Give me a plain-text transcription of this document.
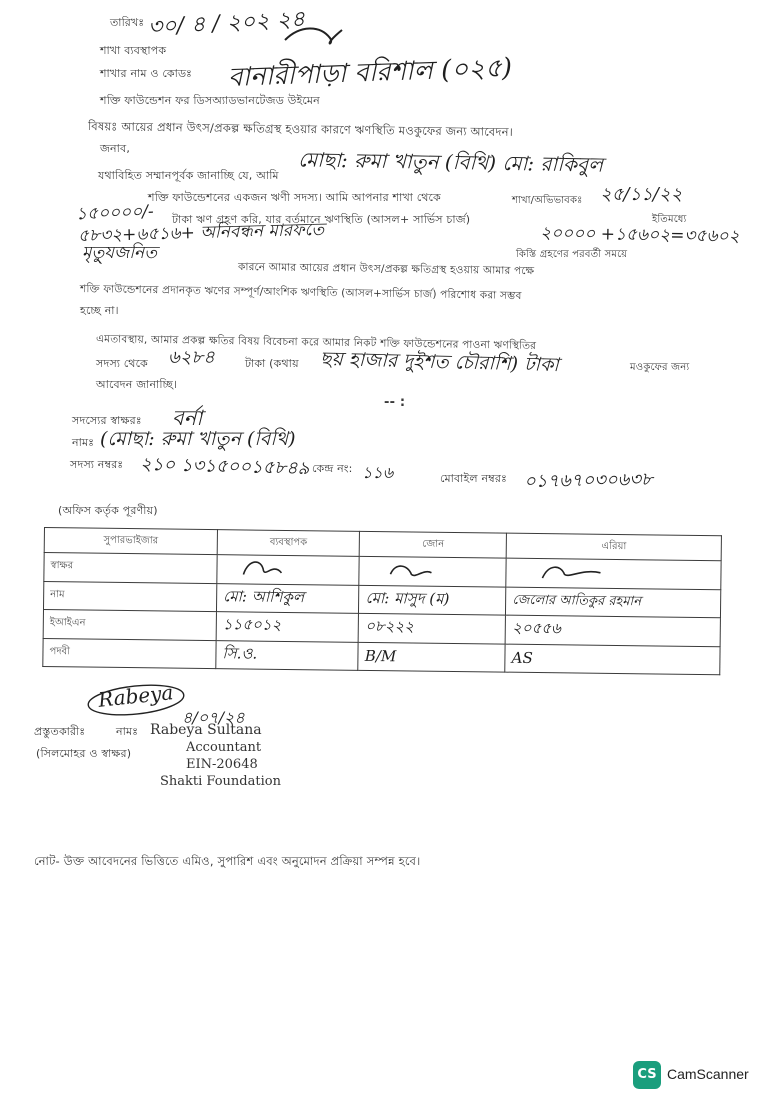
তারিখঃ ৩০/ ৪ / ২০২ ২৪
শাখা ব্যবস্থাপক
শাখার নাম ও কোডঃ বানারীপাড়া বরিশাল (০২৫)
শক্তি ফাউন্ডেশন ফর ডিসঅ্যাডভানটেজড উইমেন
বিষয়ঃ আয়ের প্রধান উৎস/প্রকল্প ক্ষতিগ্রস্থ হওয়ার কারণে ঋণস্থিতি মওকুফের জন্য আবেদন।
জনাব,
যথাবিহিত সম্মানপূর্বক জানাচ্ছি যে, আমি মোছা: রুমা খাতুন (বিথি) মো: রাকিবুল
শক্তি ফাউন্ডেশনের একজন ঋণী সদস্য। আমি আপনার শাখা থেকে	শাখা/অভিভাবকঃ ২৫/১১/২২
১৫০০০০/- টাকা ঋণ গ্রহণ করি, যার বর্তমানে ঋণস্থিতি (আসল+ সার্ভিস চার্জ)	ইতিমধ্যে
৫৮৩২+৬৫১৬+ অনিবন্ধন মারফতে	২০০০০ +১৫৬০২=৩৫৬০২
কিস্তি গ্রহণের পরবর্তী সময়ে
মৃতু্যজনিত
কারনে আমার আয়ের প্রধান উৎস/প্রকল্প ক্ষতিগ্রস্থ হওয়ায় আমার পক্ষে
শক্তি ফাউন্ডেশনের প্রদানকৃত ঋণের সম্পূর্ণ/আংশিক ঋণস্থিতি (আসল+সার্ভিস চার্জ) পরিশোধ করা সম্ভব
হচ্ছে না।
এমতাবস্থায়, আমার প্রকল্প ক্ষতির বিষয় বিবেচনা করে আমার নিকট শক্তি ফাউন্ডেশনের পাওনা ঋণস্থিতির
সদস্য থেকে ৬২৮৪	টাকা (কথায় ছয় হাজার দুইশত চৌরাশি) টাকা	মওকুফের জন্য
আবেদন জানাচ্ছি।
-- :
সদস্যের স্বাক্ষরঃ বর্না
নামঃ (মোছা: রুমা খাতুন (বিথি)
সদস্য নম্বরঃ ২১০ ১৩১৫০০১৫৮৪৯ কেন্দ্র নং: ১১৬	মোবাইল নম্বরঃ ০১৭৬৭০৩০৬৩৮
(অফিস কর্তৃক পূরণীয়)
সুপারভাইজার	ব্যবস্থাপক	জোন	এরিয়া
স্বাক্ষর			
নাম	মো: আশিকুল	মো: মাসুদ (ম)	জেলোর আতিকুর রহমান
ইআইএন	১১৫০১২	০৮২২২	২০৫৫৬
পদবী	সি.ও.	B/M	AS
Rabeya
৪/০৭/২৪
প্রস্তুতকারীঃ	নামঃ Rabeya Sultana
Accountant
(সিলমোহর ও স্বাক্ষর)
EIN-20648
Shakti Foundation
নোট- উক্ত আবেদনের ভিত্তিতে এমিও, সুপারিশ এবং অনুমোদন প্রক্রিয়া সম্পন্ন হবে।
CS CamScanner
